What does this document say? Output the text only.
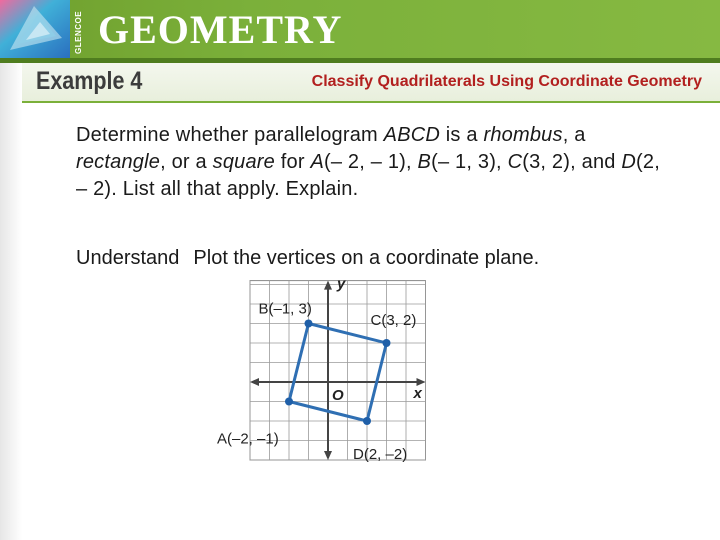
GLENCOE GEOMETRY
Example 4	Classify Quadrilaterals Using Coordinate Geometry
Determine whether parallelogram ABCD is a rhombus, a rectangle, or a square for A(– 2, – 1), B(– 1, 3), C(3, 2), and D(2, – 2). List all that apply. Explain.
Understand Plot the vertices on a coordinate plane.
x
y
O
A(–2, –1)
B(–1, 3)
C(3, 2)
D(2, –2)
